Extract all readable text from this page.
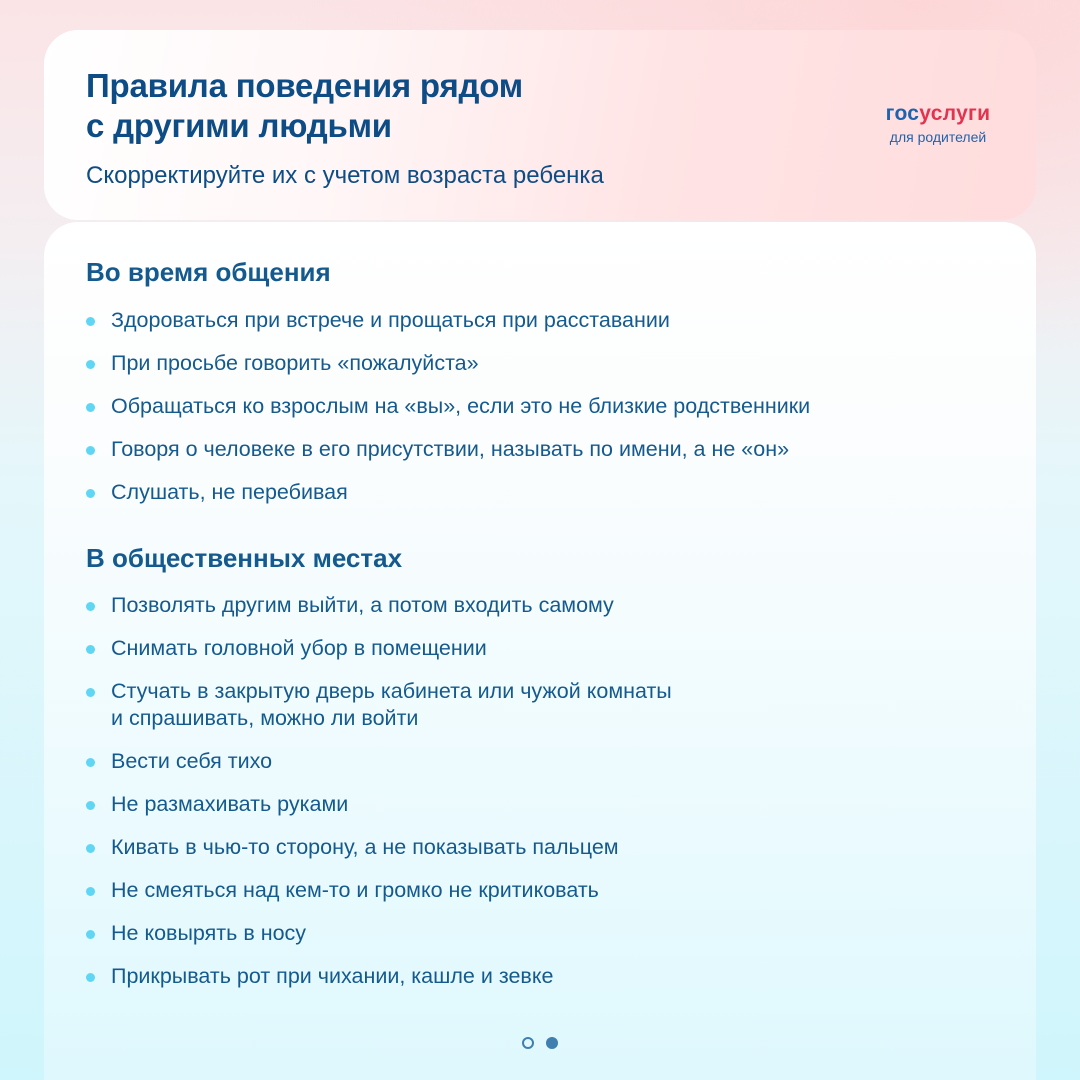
Правила поведения рядом
с другими людьми
Скорректируйте их с учетом возраста ребенка
госуслуги
для родителей
Во время общения
Здороваться при встрече и прощаться при расставании
При просьбе говорить «пожалуйста»
Обращаться ко взрослым на «вы», если это не близкие родственники
Говоря о человеке в его присутствии, называть по имени, а не «он»
Слушать, не перебивая
В общественных местах
Позволять другим выйти, а потом входить самому
Снимать головной убор в помещении
Стучать в закрытую дверь кабинета или чужой комнаты
и спрашивать, можно ли войти
Вести себя тихо
Не размахивать руками
Кивать в чью-то сторону, а не показывать пальцем
Не смеяться над кем-то и громко не критиковать
Не ковырять в носу
Прикрывать рот при чихании, кашле и зевке
